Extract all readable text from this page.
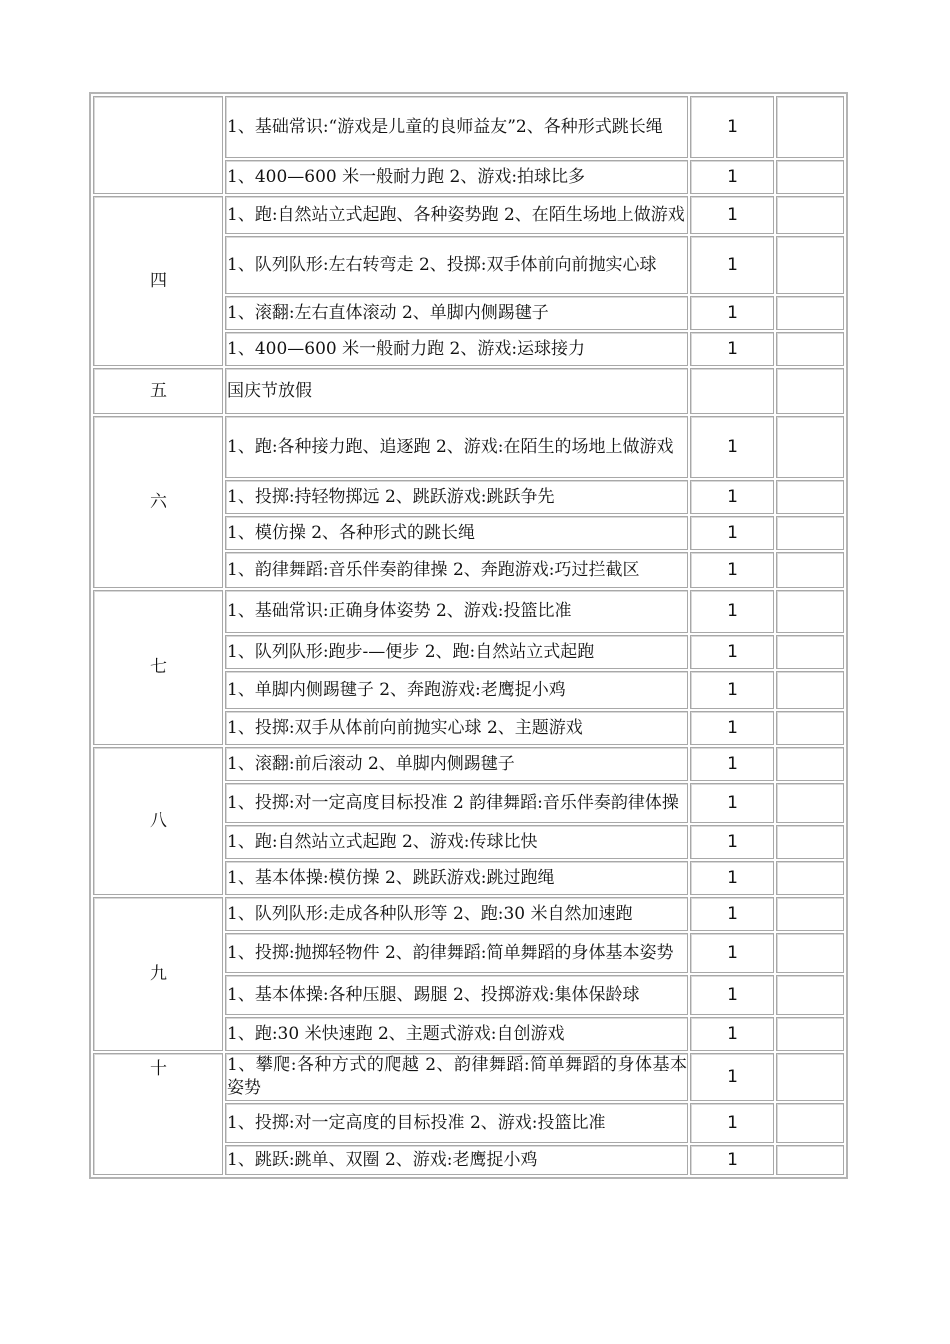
	1、基础常识:“游戏是儿童的良师益友”2、各种形式跳长绳	1	
	1、400—600 米一般耐力跑 2、游戏:拍球比多	1	
四	1、跑:自然站立式起跑、各种姿势跑 2、在陌生场地上做游戏	1	
	1、队列队形:左右转弯走 2、投掷:双手体前向前抛实心球	1	
	1、滚翻:左右直体滚动 2、单脚内侧踢毽子	1	
	1、400—600 米一般耐力跑 2、游戏:运球接力	1	
五	国庆节放假		
六	1、跑:各种接力跑、追逐跑 2、游戏:在陌生的场地上做游戏	1	
	1、投掷:持轻物掷远 2、跳跃游戏:跳跃争先	1	
	1、模仿操 2、各种形式的跳长绳	1	
	1、韵律舞蹈:音乐伴奏韵律操 2、奔跑游戏:巧过拦截区	1	
七	1、基础常识:正确身体姿势 2、游戏:投篮比准	1	
	1、队列队形:跑步-—便步 2、跑:自然站立式起跑	1	
	1、单脚内侧踢毽子 2、奔跑游戏:老鹰捉小鸡	1	
	1、投掷:双手从体前向前抛实心球 2、主题游戏	1	
八	1、滚翻:前后滚动 2、单脚内侧踢毽子	1	
	1、投掷:对一定高度目标投准 2 韵律舞蹈:音乐伴奏韵律体操	1	
	1、跑:自然站立式起跑 2、游戏:传球比快	1	
	1、基本体操:模仿操 2、跳跃游戏:跳过跑绳	1	
九	1、队列队形:走成各种队形等 2、跑:30 米自然加速跑	1	
	1、投掷:抛掷轻物件 2、韵律舞蹈:简单舞蹈的身体基本姿势	1	
	1、基本体操:各种压腿、踢腿 2、投掷游戏:集体保龄球	1	
	1、跑:30 米快速跑 2、主题式游戏:自创游戏	1	
十	1、攀爬:各种方式的爬越 2、韵律舞蹈:简单舞蹈的身体基本姿势	1	
	1、投掷:对一定高度的目标投准 2、游戏:投篮比准	1	
	1、跳跃:跳单、双圈 2、游戏:老鹰捉小鸡	1	
